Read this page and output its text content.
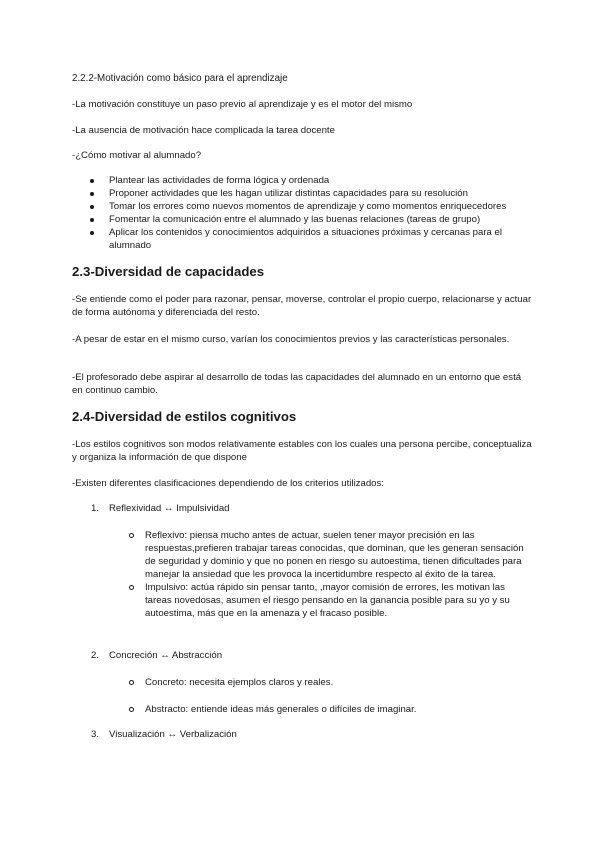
2.2.2-Motivación como básico para el aprendizaje
-La motivación constituye un paso previo al aprendizaje y es el motor del mismo
-La ausencia de motivación hace complicada la tarea docente
-¿Cómo motivar al alumnado?
Plantear las actividades de forma lógica y ordenada
Proponer actividades que les hagan utilizar distintas capacidades para su resolución
Tomar los errores como nuevos momentos de aprendizaje y como momentos enriquecedores
Fomentar la comunicación entre el alumnado y las buenas relaciones (tareas de grupo)
Aplicar los contenidos y conocimientos adquiridos a situaciones próximas y cercanas para el alumnado
2.3-Diversidad de capacidades
-Se entiende como el poder para razonar, pensar, moverse, controlar el propio cuerpo, relacionarse y actuar de forma autónoma y diferenciada del resto.
-A pesar de estar en el mismo curso, varían los conocimientos previos y las características personales.
-El profesorado debe aspirar al desarrollo de todas las capacidades del alumnado en un entorno que está en continuo cambio.
2.4-Diversidad de estilos cognitivos
-Los estilos cognitivos son modos relativamente estables con los cuales una persona percibe, conceptualiza y organiza la información de que dispone
-Existen diferentes clasificaciones dependiendo de los criterios utilizados:
1. Reflexividad ↔ Impulsividad
Reflexivo: piensa mucho antes de actuar, suelen tener mayor precisión en las respuestas,prefieren trabajar tareas conocidas, que dominan, que les generan sensación de seguridad y dominio y que no ponen en riesgo su autoestima, tienen dificultades para manejar la ansiedad que les provoca la incertidumbre respecto al éxito de la tarea.
Impulsivo: actúa rápido sin pensar tanto, ,mayor comisión de errores, les motivan las tareas novedosas, asumen el riesgo pensando en la ganancia posible para su yo y su autoestima, más que en la amenaza y el fracaso posible.
2. Concreción ↔ Abstracción
Concreto: necesita ejemplos claros y reales.
Abstracto: entiende ideas más generales o difíciles de imaginar.
3. Visualización ↔ Verbalización
